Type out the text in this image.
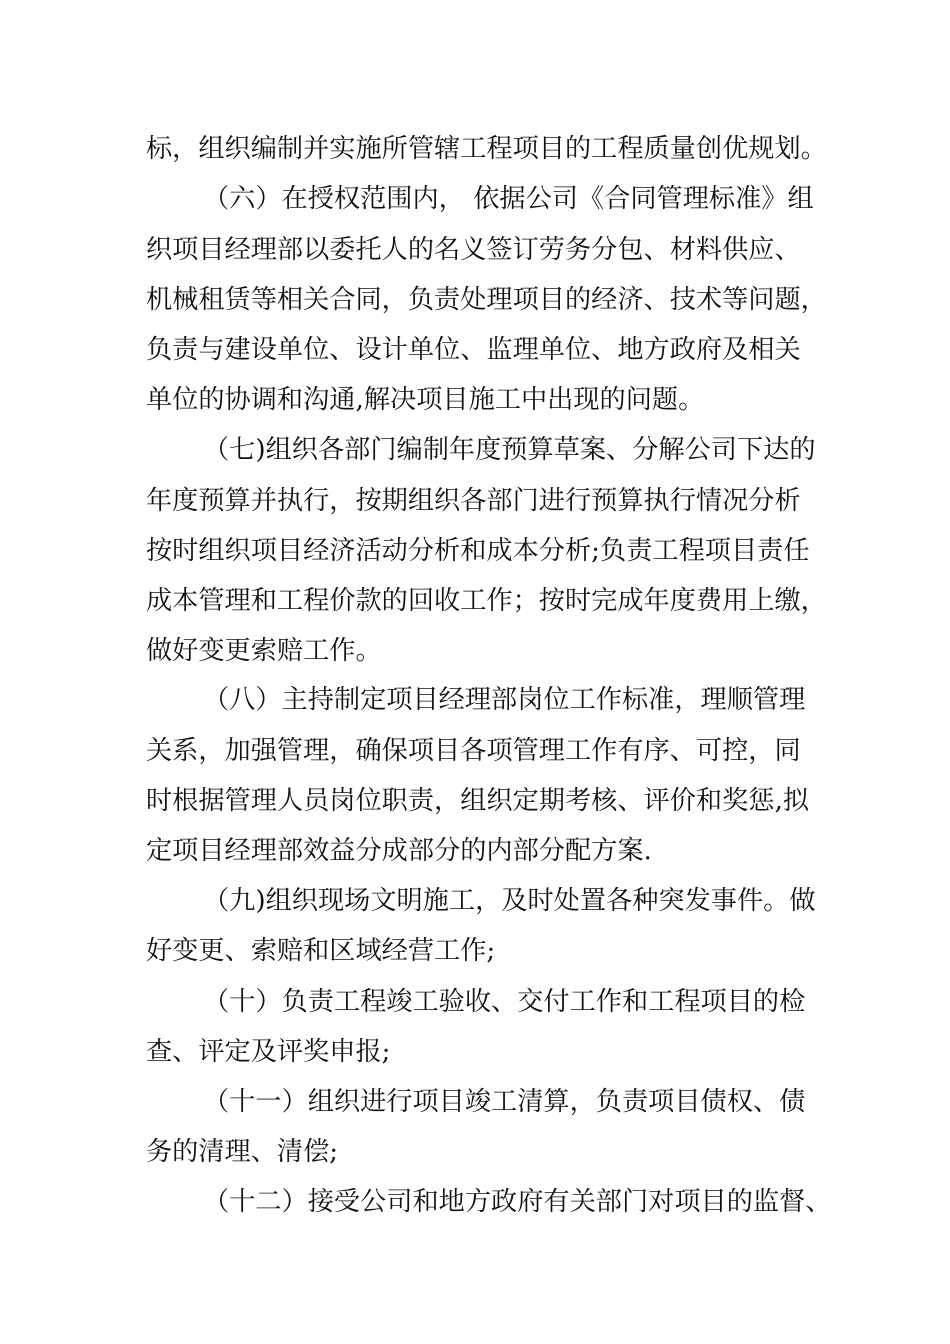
标，组织编制并实施所管辖工程项目的工程质量创优规划。
（六）在授权范围内， 依据公司《合同管理标准》组
织项目经理部以委托人的名义签订劳务分包、材料供应、
机械租赁等相关合同，负责处理项目的经济、技术等问题，
负责与建设单位、设计单位、监理单位、地方政府及相关
单位的协调和沟通,解决项目施工中出现的问题。
（七)组织各部门编制年度预算草案、分解公司下达的
年度预算并执行，按期组织各部门进行预算执行情况分析
按时组织项目经济活动分析和成本分析;负责工程项目责任
成本管理和工程价款的回收工作；按时完成年度费用上缴，
做好变更索赔工作。
（八）主持制定项目经理部岗位工作标准，理顺管理
关系，加强管理，确保项目各项管理工作有序、可控，同
时根据管理人员岗位职责，组织定期考核、评价和奖惩,拟
定项目经理部效益分成部分的内部分配方案.
（九)组织现场文明施工，及时处置各种突发事件。做
好变更、索赔和区域经营工作;
（十）负责工程竣工验收、交付工作和工程项目的检
查、评定及评奖申报;
（十一）组织进行项目竣工清算，负责项目债权、债
务的清理、清偿;
（十二）接受公司和地方政府有关部门对项目的监督、
